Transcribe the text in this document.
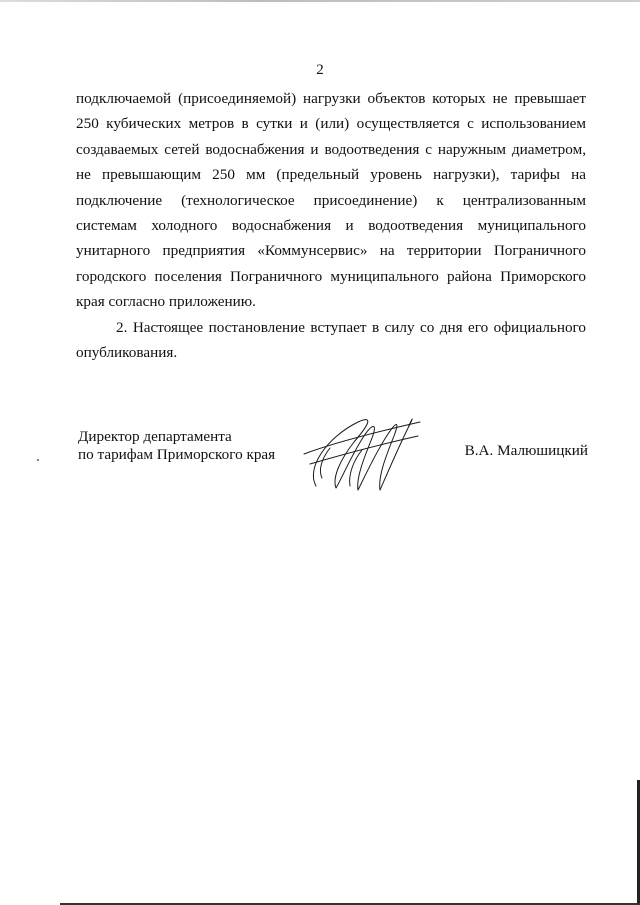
2
подключаемой (присоединяемой) нагрузки объектов которых не превышает
250 кубических метров в сутки и (или) осуществляется с использованием
создаваемых сетей водоснабжения и водоотведения с наружным диаметром,
не превышающим 250 мм (предельный уровень нагрузки), тарифы на
подключение (технологическое присоединение) к централизованным
системам холодного водоснабжения и водоотведения муниципального
унитарного предприятия «Коммунсервис» на территории Пограничного
городского поселения Пограничного муниципального района Приморского
края согласно приложению.
2. Настоящее постановление вступает в силу со дня его официального
опубликования.
Директор департамента
по тарифам Приморского края	В.А. Малюшицкий
